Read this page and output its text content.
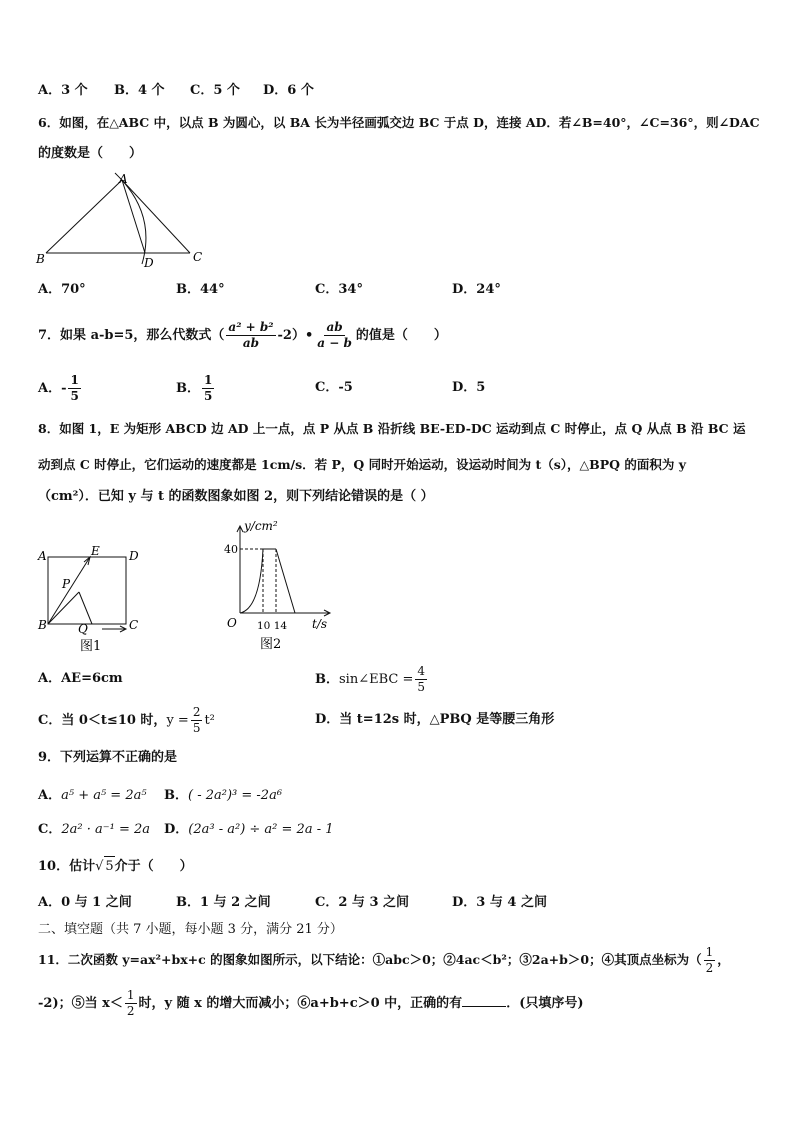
A．3 个 B．4 个 C．5 个 D．6 个
6．如图，在△ABC 中，以点 B 为圆心，以 BA 长为半径画弧交边 BC 于点 D，连接 AD．若∠B=40°，∠C=36°，则∠DAC
的度数是（　　）
A
B	C
D
A．70°	B．44°	C．34°	D．24°
7．如果 a-b=5，那么代数式（ $\frac{\text{a² + b²}}{ab}$ -2）• $\frac{ab}{a - b}$ 的值是（　　）
A．- $\frac{1}{5}$	B． $\frac{1}{5}$	C．-5	D．5
8．如图 1，E 为矩形 ABCD 边 AD 上一点，点 P 从点 B 沿折线 BE-ED-DC 运动到点 C 时停止，点 Q 从点 B 沿 BC 运
动到点 C 时停止，它们运动的速度都是 1cm/s．若 P，Q 同时开始运动，设运动时间为 t（s），△BPQ 的面积为 y
（cm²）．已知 y 与 t 的函数图象如图 2，则下列结论错误的是（ ）
A	E D
P
B	Q	C
图1
y/cm²
40
O 10 14 t/s
图2
A．AE=6cm	B．sin∠EBC = $\frac{4}{5}$
C．当 0＜t≤10 时，$y = \frac{2}{5} t^2$	D．当 t=12s 时，△PBQ 是等腰三角形
9．下列运算不正确的是
A．a⁵ + a⁵ = 2a⁵ B．( - 2a²)³ = -2a⁶
C．2a² · a⁻¹ = 2a D．(2a³ - a²) ÷ a² = 2a - 1
10．估计√ 5介于（　　）
A．0 与 1 之间	B．1 与 2 之间	C．2 与 3 之间	D．3 与 4 之间
二、填空题（共 7 小题，每小题 3 分，满分 21 分）
11．二次函数 y=ax²+bx+c 的图象如图所示，以下结论：①abc＞0；②4ac＜b²；③2a+b＞0；④其顶点坐标为（ $\frac{1}{2}$ ，
-2)；⑤当 $x< \frac{1}{2}$ 时，y 随 x 的增大而减小；⑥a+b+c＞0 中，正确的有	．(只填序号)
